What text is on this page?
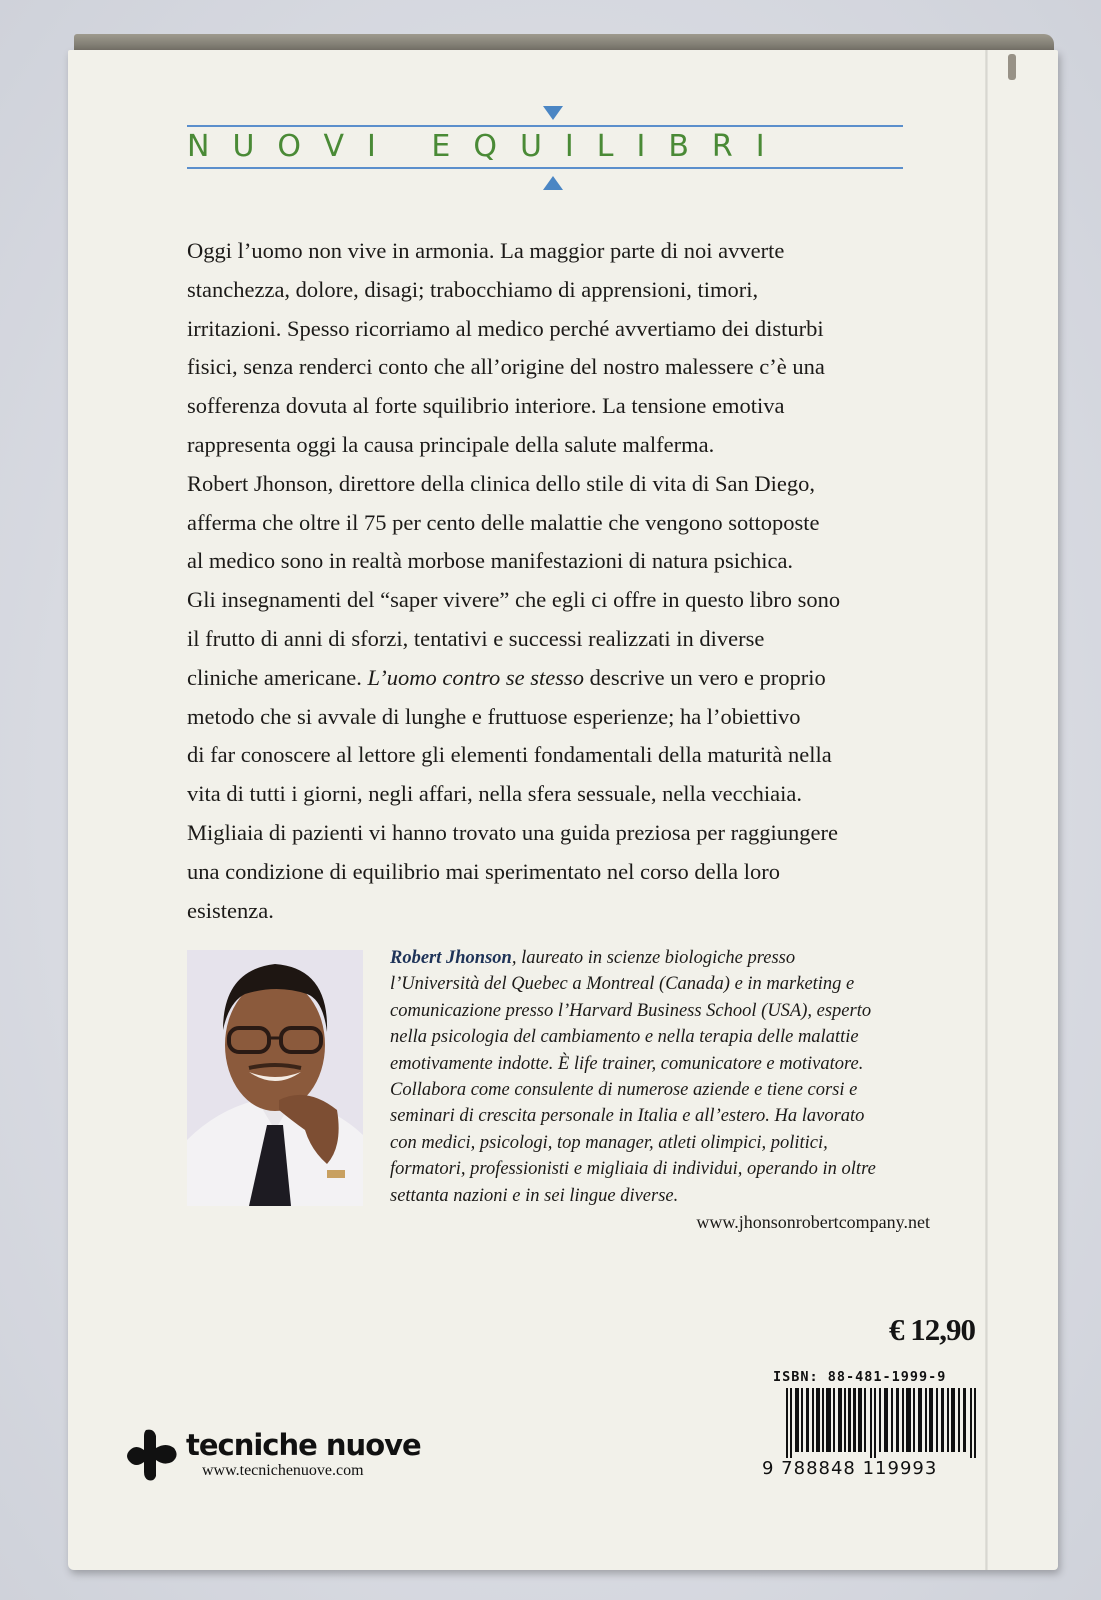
NUOVI EQUILIBRI

Oggi l’uomo non vive in armonia. La maggior parte di noi avverte

stanchezza, dolore, disagi; trabocchiamo di apprensioni, timori,

irritazioni. Spesso ricorriamo al medico perché avvertiamo dei disturbi

fisici, senza renderci conto che all’origine del nostro malessere c’è una

sofferenza dovuta al forte squilibrio interiore. La tensione emotiva

rappresenta oggi la causa principale della salute malferma.

Robert Jhonson, direttore della clinica dello stile di vita di San Diego,

afferma che oltre il 75 per cento delle malattie che vengono sottoposte

al medico sono in realtà morbose manifestazioni di natura psichica.

Gli insegnamenti del “saper vivere” che egli ci offre in questo libro sono

il frutto di anni di sforzi, tentativi e successi realizzati in diverse

cliniche americane. L’uomo contro se stesso descrive un vero e proprio

metodo che si avvale di lunghe e fruttuose esperienze; ha l’obiettivo

di far conoscere al lettore gli elementi fondamentali della maturità nella

vita di tutti i giorni, negli affari, nella sfera sessuale, nella vecchiaia.

Migliaia di pazienti vi hanno trovato una guida preziosa per raggiungere

una condizione di equilibrio mai sperimentato nel corso della loro

esistenza.

Robert Jhonson, laureato in scienze biologiche presso
l’Università del Quebec a Montreal (Canada) e in marketing e
comunicazione presso l’Harvard Business School (USA), esperto
nella psicologia del cambiamento e nella terapia delle malattie
emotivamente indotte. È life trainer, comunicatore e motivatore.
Collabora come consulente di numerose aziende e tiene corsi e
seminari di crescita personale in Italia e all’estero. Ha lavorato
con medici, psicologi, top manager, atleti olimpici, politici,
formatori, professionisti e migliaia di individui, operando in oltre
settanta nazioni e in sei lingue diverse.
www.jhonsonrobertcompany.net
€ 12,90
ISBN: 88-481-1999-9
9 788848 119993
tecniche nuove
www.tecnichenuove.com
